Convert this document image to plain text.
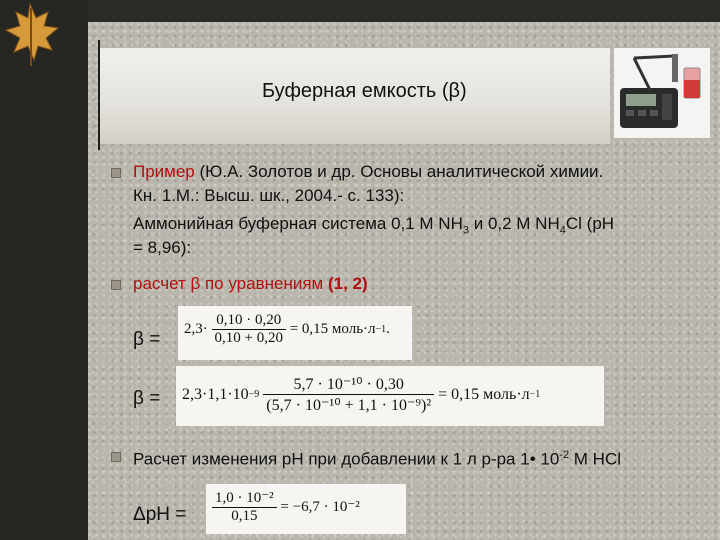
Буферная емкость (β)
Пример (Ю.А. Золотов и др. Основы аналитической химии.
Кн. 1.М.: Высш. шк., 2004.- с. 133):
Аммонийная буферная система 0,1 М $NH_3$ и 0,2 М $NH_4Cl$ (pH
= 8,96):
расчет β по уравнениям (1, 2)
$\beta = 2,3\cdot \frac{0,10 \cdot 0,20}{0,10 + 0,20} = 0,15$ моль·л−1.
$\beta = 2,3\cdot 1,1\cdot 10-9 \frac{\text{5,7 · 10⁻¹⁰ · 0,30}}{\text{(5,7 · 10⁻¹⁰ + 1,1 · 10⁻⁹)²}} = 0,15$ моль·л−1
Расчет изменения pH при добавлении к 1 л р-ра 1• $10^{-2}$ M HCl
$\Delta pH = \frac{\text{1,0 · 10⁻²}}{0,15} = -6,7 \cdot 10^{-2}$
